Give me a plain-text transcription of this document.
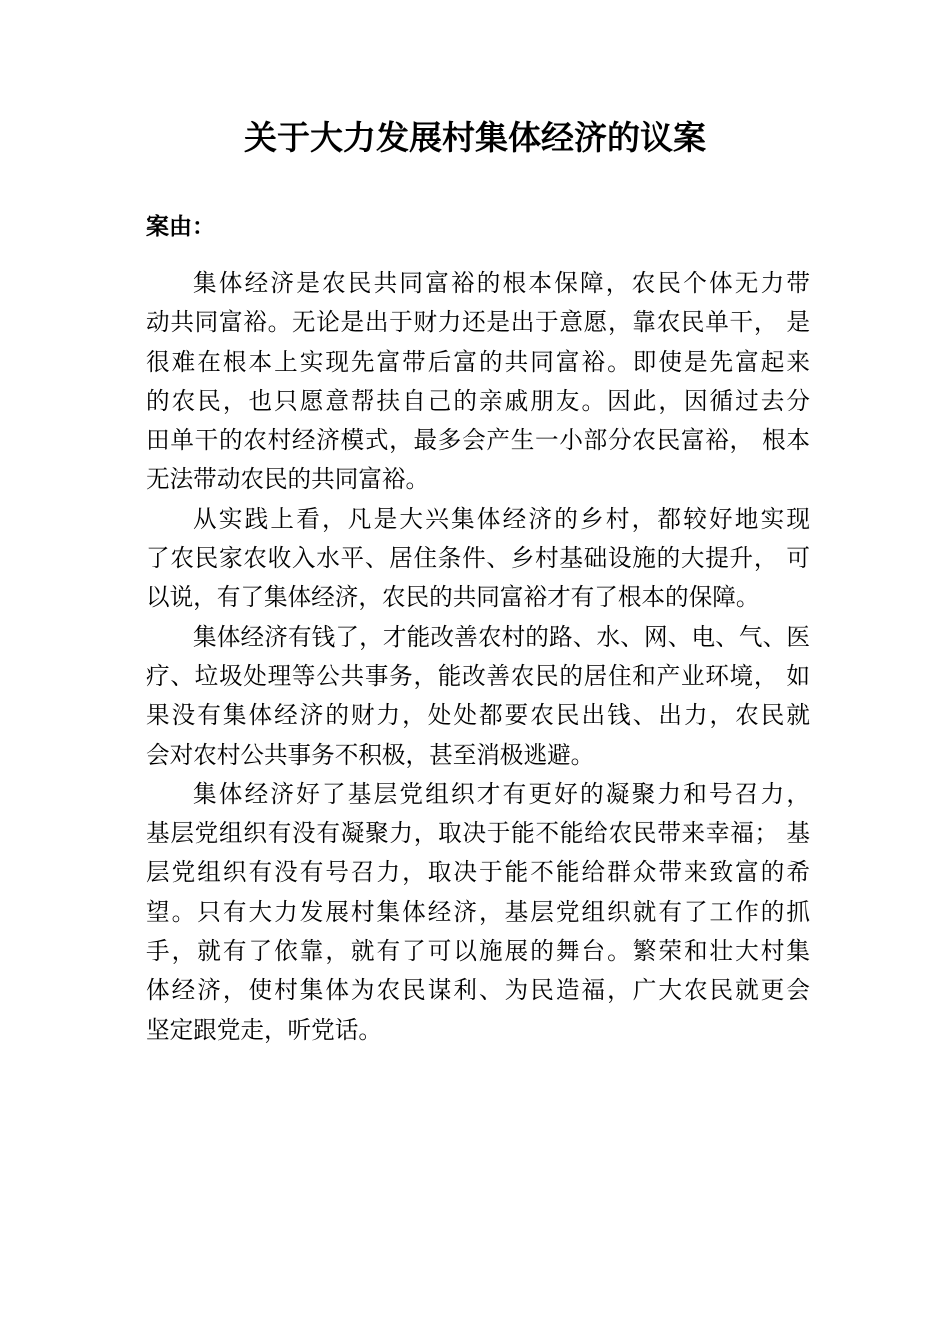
关于大力发展村集体经济的议案
案由：
集体经济是农民共同富裕的根本保障，农民个体无力带
动共同富裕。无论是出于财力还是出于意愿，靠农民单干， 是
很难在根本上实现先富带后富的共同富裕。即使是先富起来
的农民，也只愿意帮扶自己的亲戚朋友。因此，因循过去分
田单干的农村经济模式，最多会产生一小部分农民富裕， 根本
无法带动农民的共同富裕。
从实践上看，凡是大兴集体经济的乡村，都较好地实现
了农民家农收入水平、居住条件、乡村基础设施的大提升， 可
以说，有了集体经济，农民的共同富裕才有了根本的保障。
集体经济有钱了，才能改善农村的路、水、网、电、气、医
疗、垃圾处理等公共事务，能改善农民的居住和产业环境， 如
果没有集体经济的财力，处处都要农民出钱、出力，农民就
会对农村公共事务不积极，甚至消极逃避。
集体经济好了基层党组织才有更好的凝聚力和号召力，
基层党组织有没有凝聚力，取决于能不能给农民带来幸福； 基
层党组织有没有号召力，取决于能不能给群众带来致富的希
望。只有大力发展村集体经济，基层党组织就有了工作的抓
手，就有了依靠，就有了可以施展的舞台。繁荣和壮大村集
体经济，使村集体为农民谋利、为民造福，广大农民就更会
坚定跟党走，听党话。
